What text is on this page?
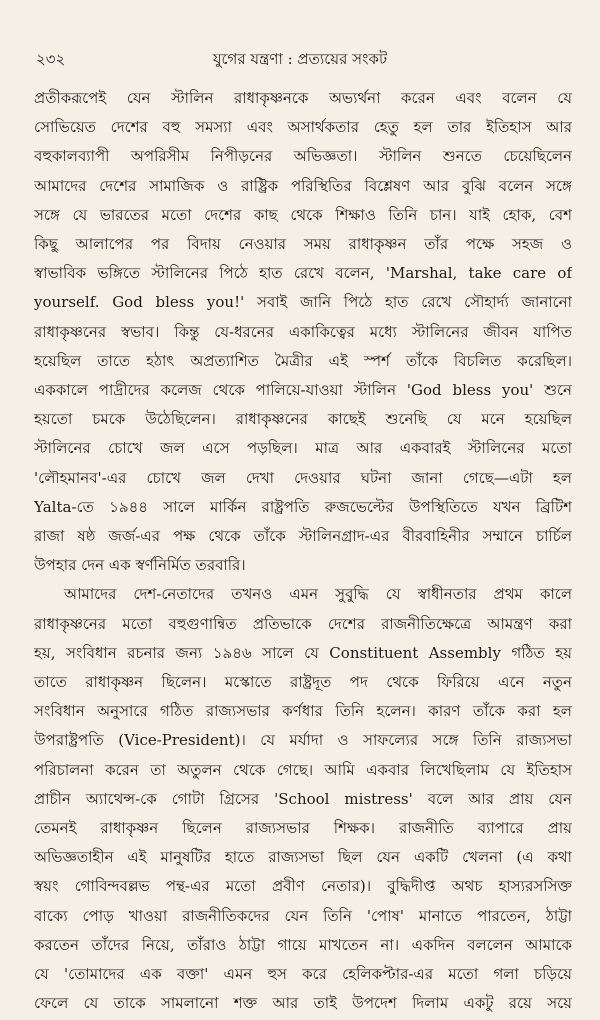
২৩২	যুগের যন্ত্রণা : প্রত্যয়ের সংকট

প্রতীকরূপেই যেন স্টালিন রাধাকৃষ্ণনকে অভ্যর্থনা করেন এবং বলেন যে
সোভিয়েত দেশের বহু সমস্যা এবং অসার্থকতার হেতু হল তার ইতিহাস আর
বহুকালব্যাপী অপরিসীম নিপীড়নের অভিজ্ঞতা। স্টালিন শুনতে চেয়েছিলেন
আমাদের দেশের সামাজিক ও রাষ্ট্রিক পরিস্থিতির বিশ্লেষণ আর বুঝি বলেন সঙ্গে
সঙ্গে যে ভারতের মতো দেশের কাছ থেকে শিক্ষাও তিনি চান। যাই হোক, বেশ
কিছু আলাপের পর বিদায় নেওয়ার সময় রাধাকৃষ্ণন তাঁর পক্ষে সহজ ও
স্বাভাবিক ভঙ্গিতে স্টালিনের পিঠে হাত রেখে বলেন, 'Marshal, take care of
yourself. God bless you!' সবাই জানি পিঠে হাত রেখে সৌহার্দ্য জানানো
রাধাকৃষ্ণনের স্বভাব। কিন্তু যে-ধরনের একাকিত্বের মধ্যে স্টালিনের জীবন যাপিত
হয়েছিল তাতে হঠাৎ অপ্রত্যাশিত মৈত্রীর এই স্পর্শ তাঁকে বিচলিত করেছিল।
এককালে পাদ্রীদের কলেজ থেকে পালিয়ে-যাওয়া স্টালিন 'God bless you' শুনে
হয়তো চমকে উঠেছিলেন। রাধাকৃষ্ণনের কাছেই শুনেছি যে মনে হয়েছিল
স্টালিনের চোখে জল এসে পড়ছিল। মাত্র আর একবারই স্টালিনের মতো
'লৌহমানব'-এর চোখে জল দেখা দেওয়ার ঘটনা জানা গেছে—এটা হল
Yalta-তে ১৯৪৪ সালে মার্কিন রাষ্ট্রপতি রুজভেল্টের উপস্থিতিতে যখন ব্রিটিশ
রাজা ষষ্ঠ জর্জ-এর পক্ষ থেকে তাঁকে স্টালিনগ্রাদ-এর বীরবাহিনীর সম্মানে চার্চিল
উপহার দেন এক স্বর্ণনির্মিত তরবারি।

আমাদের দেশ-নেতাদের তখনও এমন সুবুদ্ধি যে স্বাধীনতার প্রথম কালে
রাধাকৃষ্ণনের মতো বহুগুণান্বিত প্রতিভাকে দেশের রাজনীতিক্ষেত্রে আমন্ত্রণ করা
হয়, সংবিধান রচনার জন্য ১৯৪৬ সালে যে Constituent Assembly গঠিত হয়
তাতে রাধাকৃষ্ণন ছিলেন। মস্কোতে রাষ্ট্রদূত পদ থেকে ফিরিয়ে এনে নতুন
সংবিধান অনুসারে গঠিত রাজ্যসভার কর্ণধার তিনি হলেন। কারণ তাঁকে করা হল
উপরাষ্ট্রপতি (Vice-President)। যে মর্যাদা ও সাফল্যের সঙ্গে তিনি রাজ্যসভা
পরিচালনা করেন তা অতুলন থেকে গেছে। আমি একবার লিখেছিলাম যে ইতিহাস
প্রাচীন অ্যাথেন্স-কে গোটা গ্রিসের 'School mistress' বলে আর প্রায় যেন
তেমনই রাধাকৃষ্ণন ছিলেন রাজ্যসভার শিক্ষক। রাজনীতি ব্যাপারে প্রায়
অভিজ্ঞতাহীন এই মানুষটির হাতে রাজ্যসভা ছিল যেন একটি খেলনা (এ কথা
স্বয়ং গোবিন্দবল্লভ পন্থ-এর মতো প্রবীণ নেতার)। বুদ্ধিদীপ্ত অথচ হাস্যরসসিক্ত
বাক্যে পোড় খাওয়া রাজনীতিকদের যেন তিনি 'পোষ' মানাতে পারতেন, ঠাট্টা
করতেন তাঁদের নিয়ে, তাঁরাও ঠাট্টা গায়ে মাখতেন না। একদিন বললেন আমাকে
যে 'তোমাদের এক বক্তা' এমন হুস করে হেলিকপ্টার-এর মতো গলা চড়িয়ে
ফেলে যে তাকে সামলানো শক্ত আর তাই উপদেশ দিলাম একটু রয়ে সয়ে
